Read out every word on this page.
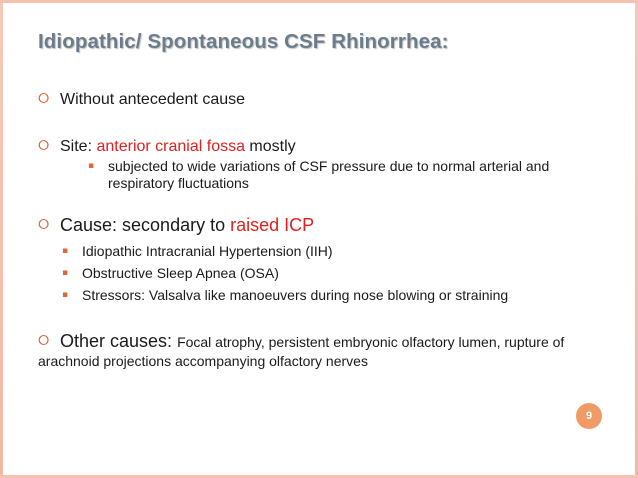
Idiopathic/ Spontaneous CSF Rhinorrhea:
⭘ Without antecedent cause
⭘ Site: anterior cranial fossa mostly
▪ subjected to wide variations of CSF pressure due to normal arterial and respiratory fluctuations
⭘ Cause: secondary to raised ICP
▪ Idiopathic Intracranial Hypertension (IIH)
▪ Obstructive Sleep Apnea (OSA)
▪ Stressors: Valsalva like manoeuvers during nose blowing or straining
⭘ Other causes: Focal atrophy, persistent embryonic olfactory lumen, rupture of arachnoid projections accompanying olfactory nerves
9
